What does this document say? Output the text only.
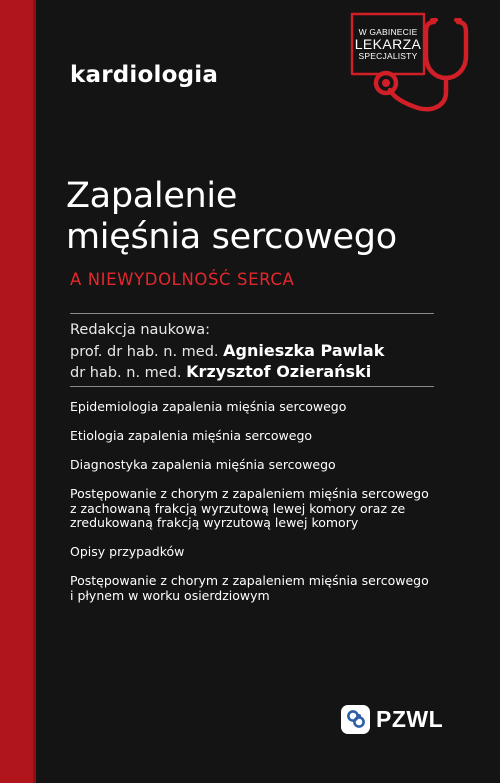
kardiologia
W GABINECIE
LEKARZA
SPECJALISTY
Zapalenie
mięśnia sercowego
A NIEWYDOLNOŚĆ SERCA
Redakcja naukowa:
prof. dr hab. n. med. Agnieszka Pawlak
dr hab. n. med. Krzysztof Ozierański
Epidemiologia zapalenia mięśnia sercowego
Etiologia zapalenia mięśnia sercowego
Diagnostyka zapalenia mięśnia sercowego
Postępowanie z chorym z zapaleniem mięśnia sercowego
z zachowaną frakcją wyrzutową lewej komory oraz ze
zredukowaną frakcją wyrzutową lewej komory
Opisy przypadków
Postępowanie z chorym z zapaleniem mięśnia sercowego
i płynem w worku osierdziowym
PZWL
